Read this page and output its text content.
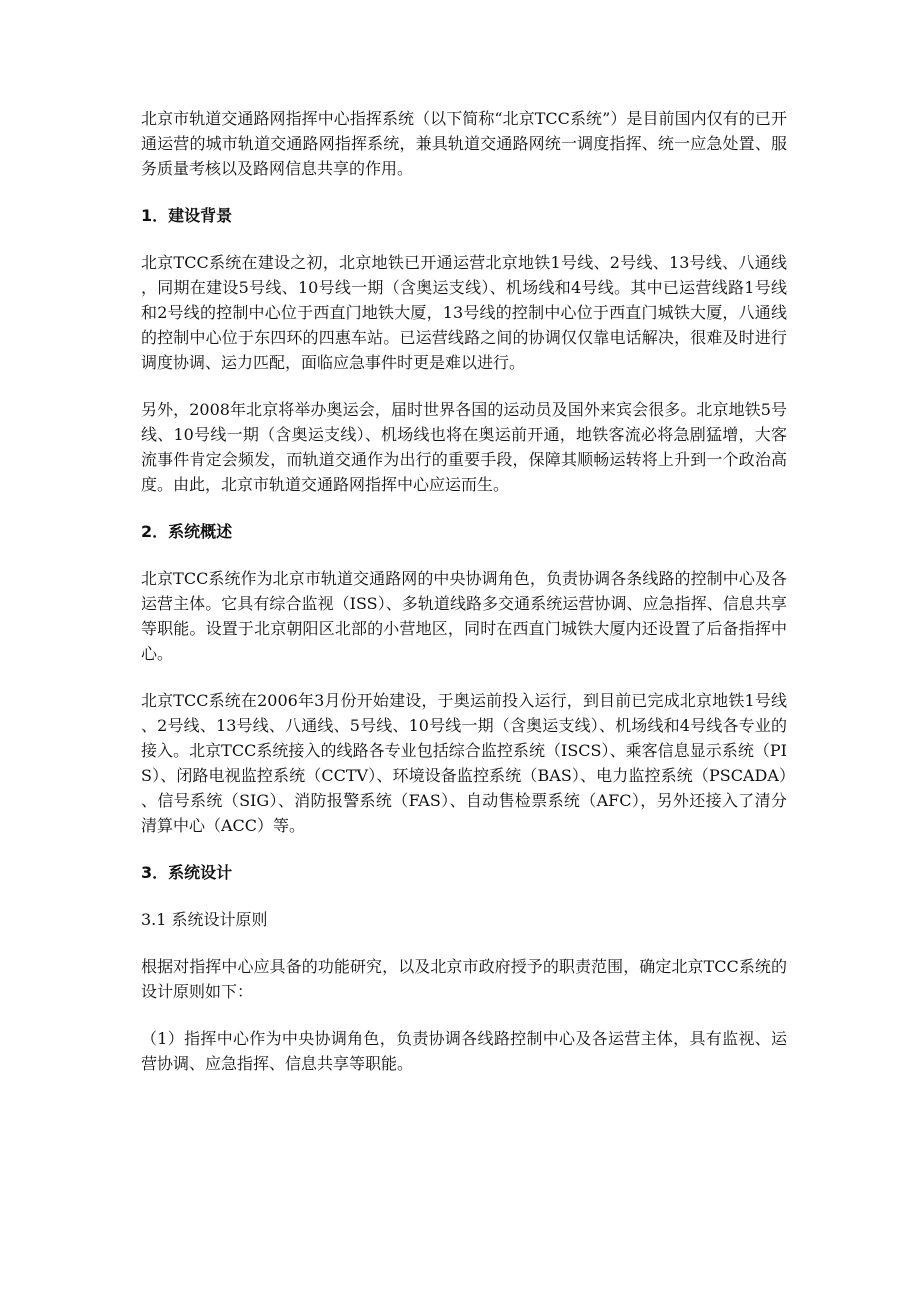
北京市轨道交通路网指挥中心指挥系统（以下简称“北京TCC系统”）是目前国内仅有的已开通运营的城市轨道交通路网指挥系统，兼具轨道交通路网统一调度指挥、统一应急处置、服务质量考核以及路网信息共享的作用。

1．建设背景

北京TCC系统在建设之初，北京地铁已开通运营北京地铁1号线、2号线、13号线、八通线，同期在建设5号线、10号线一期（含奥运支线）、机场线和4号线。其中已运营线路1号线和2号线的控制中心位于西直门地铁大厦，13号线的控制中心位于西直门城铁大厦，八通线的控制中心位于东四环的四惠车站。已运营线路之间的协调仅仅靠电话解决，很难及时进行调度协调、运力匹配，面临应急事件时更是难以进行。

另外，2008年北京将举办奥运会，届时世界各国的运动员及国外来宾会很多。北京地铁5号线、10号线一期（含奥运支线）、机场线也将在奥运前开通，地铁客流必将急剧猛增，大客流事件肯定会频发，而轨道交通作为出行的重要手段，保障其顺畅运转将上升到一个政治高度。由此，北京市轨道交通路网指挥中心应运而生。

2．系统概述

北京TCC系统作为北京市轨道交通路网的中央协调角色，负责协调各条线路的控制中心及各运营主体。它具有综合监视（ISS）、多轨道线路多交通系统运营协调、应急指挥、信息共享等职能。设置于北京朝阳区北部的小营地区，同时在西直门城铁大厦内还设置了后备指挥中心。

北京TCC系统在2006年3月份开始建设，于奥运前投入运行，到目前已完成北京地铁1号线、2号线、13号线、八通线、5号线、10号线一期（含奥运支线）、机场线和4号线各专业的接入。北京TCC系统接入的线路各专业包括综合监控系统（ISCS）、乘客信息显示系统（PIS）、闭路电视监控系统（CCTV）、环境设备监控系统（BAS）、电力监控系统（PSCADA）、信号系统（SIG）、消防报警系统（FAS）、自动售检票系统（AFC），另外还接入了清分清算中心（ACC）等。

3．系统设计

3.1 系统设计原则

根据对指挥中心应具备的功能研究，以及北京市政府授予的职责范围，确定北京TCC系统的设计原则如下：

（1）指挥中心作为中央协调角色，负责协调各线路控制中心及各运营主体，具有监视、运营协调、应急指挥、信息共享等职能。
